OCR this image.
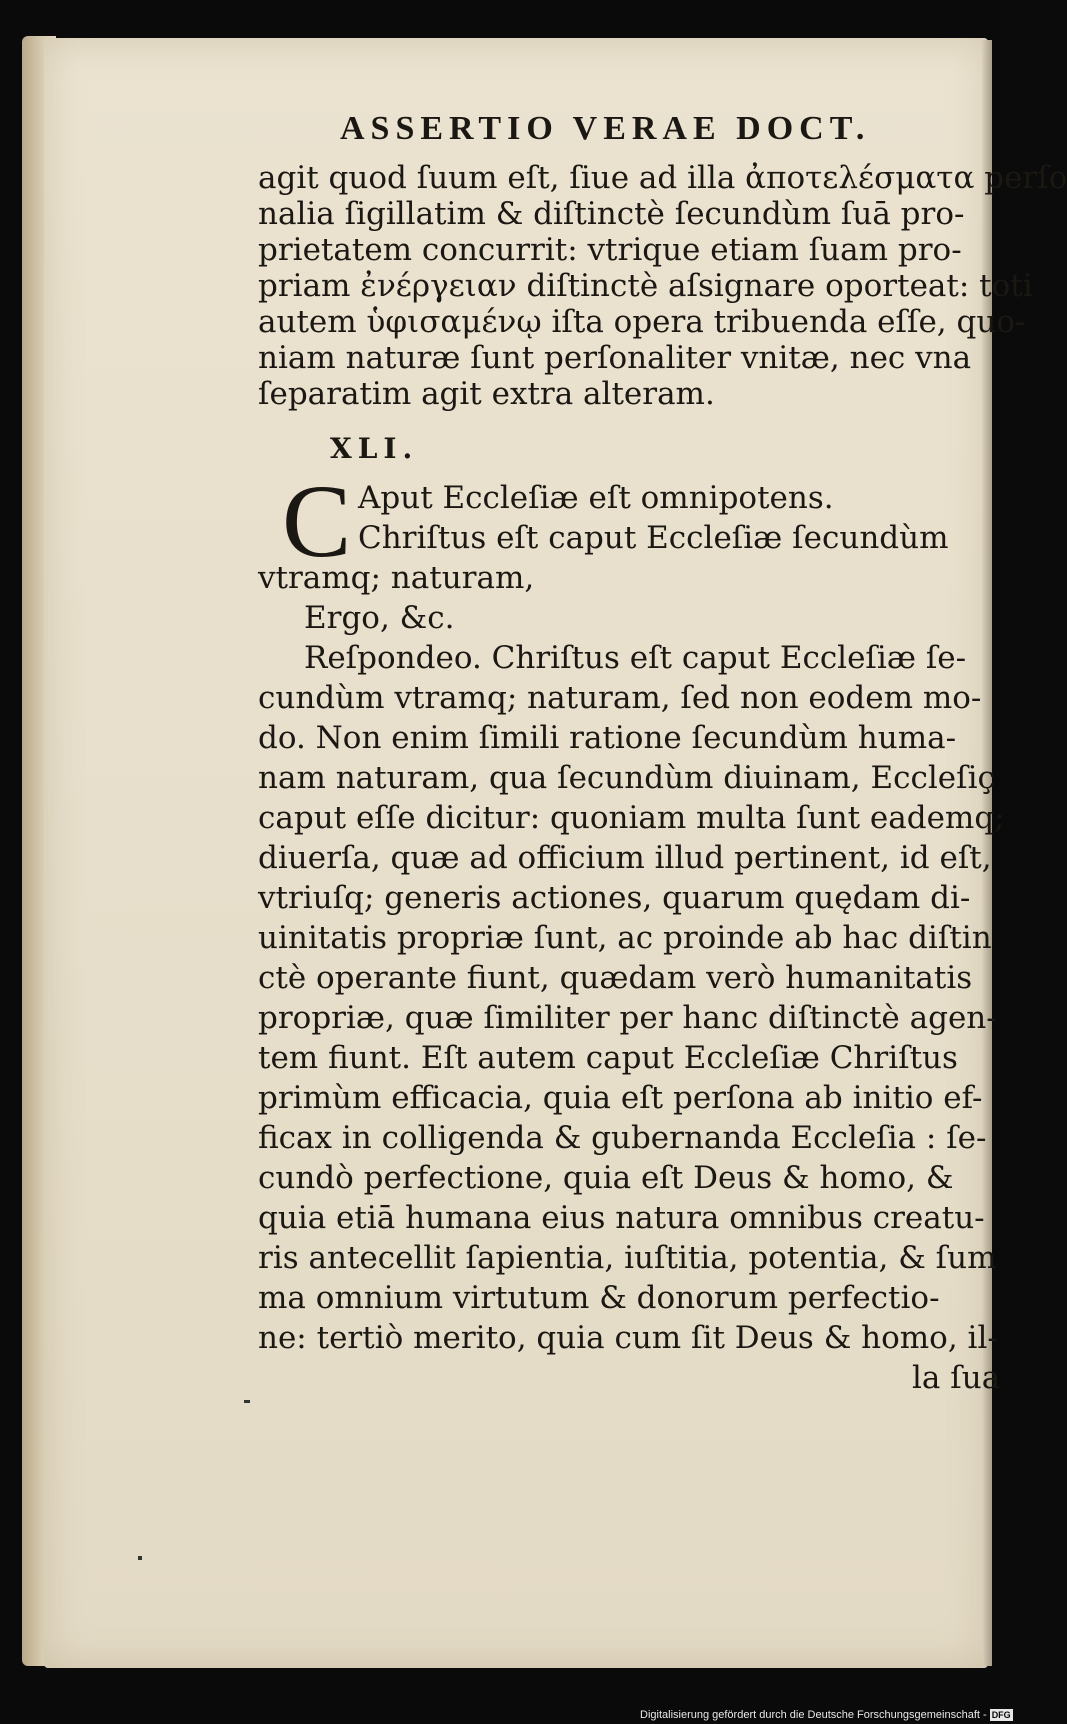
ASSERTIO VERAE DOCT.
agit quod ſuum eſt, ſiue ad illa ἀποτελέσματα perſo
nalia ſigillatim & diſtinctè ſecundùm ſuā pro-
prietatem concurrit: vtrique etiam ſuam pro-
priam ἐνέργειαν diſtinctè aſsignare oporteat: toti
autem ὑφισαμένῳ iſta opera tribuenda eſſe, quo-
niam naturæ ſunt perſonaliter vnitæ, nec vna
ſeparatim agit extra alteram.
Aput Eccleſiæ eſt omnipotens.
Chriſtus eſt caput Eccleſiæ ſecundùm
vtramq; naturam,
Ergo, &c.
Reſpondeo. Chriſtus eſt caput Eccleſiæ ſe-
cundùm vtramq; naturam, ſed non eodem mo-
do. Non enim ſimili ratione ſecundùm huma-
nam naturam, qua ſecundùm diuinam, Eccleſiç
caput eſſe dicitur: quoniam multa ſunt eademq;
diuerſa, quæ ad officium illud pertinent, id eſt,
vtriuſq; generis actiones, quarum quędam di-
uinitatis propriæ ſunt, ac proinde ab hac diſtin
ctè operante fiunt, quædam verò humanitatis
propriæ, quæ ſimiliter per hanc diſtinctè agen-
tem fiunt. Eſt autem caput Eccleſiæ Chriſtus
primùm efficacia, quia eſt perſona ab initio ef-
ficax in colligenda & gubernanda Eccleſia : ſe-
cundò perfectione, quia eſt Deus & homo, &
quia etiā humana eius natura omnibus creatu-
ris antecellit ſapientia, iuſtitia, potentia, & ſum
ma omnium virtutum & donorum perfectio-
ne: tertiò merito, quia cum ſit Deus & homo, il-
la ſua
XLI.
C
Digitalisierung gefördert durch die Deutsche Forschungsgemeinschaft - DFG
